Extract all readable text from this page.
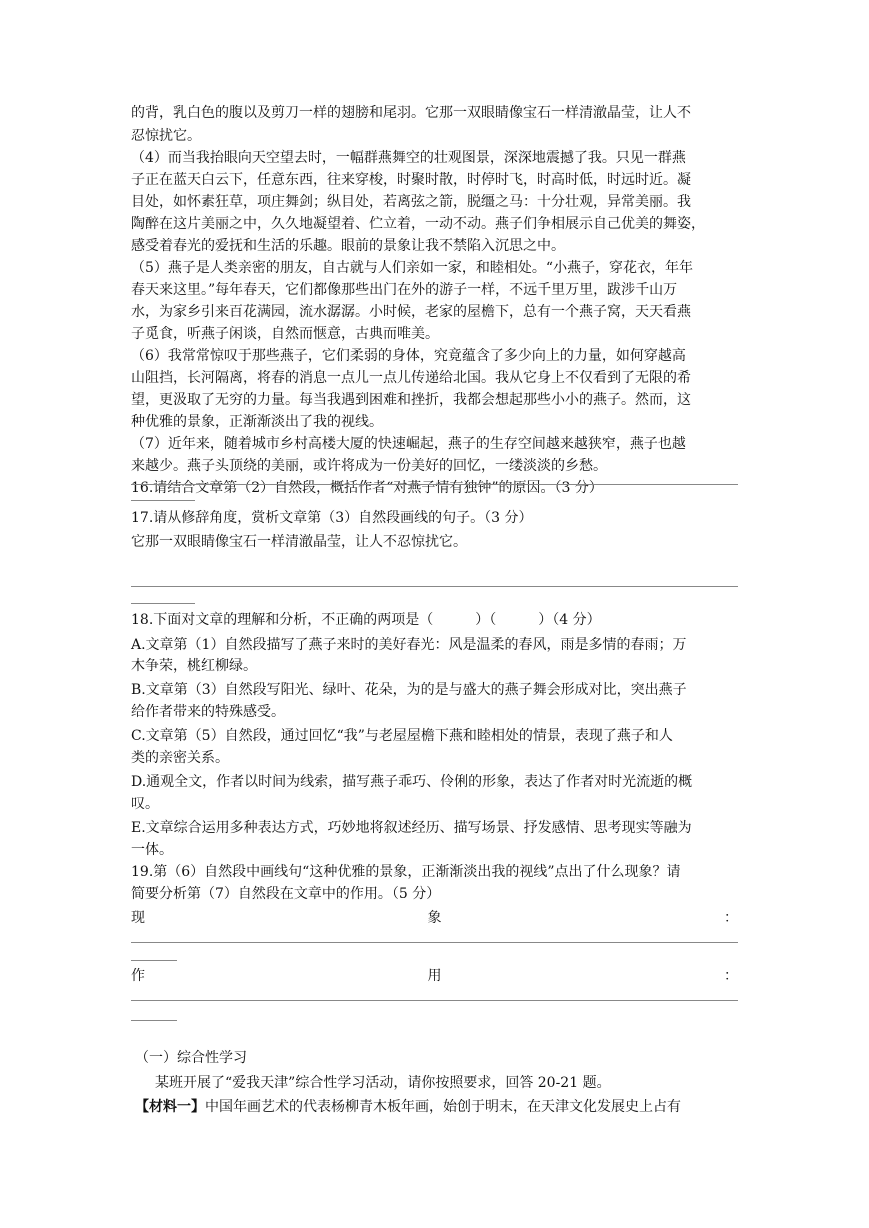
的背，乳白色的腹以及剪刀一样的翅膀和尾羽。它那一双眼睛像宝石一样清澈晶莹，让人不
忍惊扰它。
（4）而当我抬眼向天空望去时，一幅群燕舞空的壮观图景，深深地震撼了我。只见一群燕
子正在蓝天白云下，任意东西，往来穿梭，时聚时散，时停时飞，时高时低，时远时近。凝
目处，如怀素狂草，项庄舞剑；纵目处，若离弦之箭，脱缰之马：十分壮观，异常美丽。我
陶醉在这片美丽之中，久久地凝望着、伫立着，一动不动。燕子们争相展示自己优美的舞姿，
感受着春光的爱抚和生活的乐趣。眼前的景象让我不禁陷入沉思之中。
（5）燕子是人类亲密的朋友，自古就与人们亲如一家，和睦相处。“小燕子，穿花衣，年年
春天来这里。”每年春天，它们都像那些出门在外的游子一样，不远千里万里，跋涉千山万
水，为家乡引来百花满园，流水潺潺。小时候，老家的屋檐下，总有一个燕子窝，天天看燕
子觅食，听燕子闲谈，自然而惬意，古典而唯美。
（6）我常常惊叹于那些燕子，它们柔弱的身体，究竟蕴含了多少向上的力量，如何穿越高
山阻挡，长河隔离，将春的消息一点儿一点儿传递给北国。我从它身上不仅看到了无限的希
望，更汲取了无穷的力量。每当我遇到困难和挫折，我都会想起那些小小的燕子。然而，这
种优雅的景象，正渐渐淡出了我的视线。
（7）近年来，随着城市乡村高楼大厦的快速崛起，燕子的生存空间越来越狭窄，燕子也越
来越少。燕子头顶绕的美丽，或许将成为一份美好的回忆，一缕淡淡的乡愁。
16.请结合文章第（2）自然段，概括作者“对燕子情有独钟”的原因。（3 分）
17.请从修辞角度，赏析文章第（3）自然段画线的句子。（3 分）
它那一双眼睛像宝石一样清澈晶莹，让人不忍惊扰它。
18.下面对文章的理解和分析，不正确的两项是（　　　）（　　　）（4 分）
A.文章第（1）自然段描写了燕子来时的美好春光：风是温柔的春风，雨是多情的春雨；万
木争荣，桃红柳绿。
B.文章第（3）自然段写阳光、绿叶、花朵，为的是与盛大的燕子舞会形成对比，突出燕子
给作者带来的特殊感受。
C.文章第（5）自然段，通过回忆“我”与老屋屋檐下燕和睦相处的情景，表现了燕子和人
类的亲密关系。
D.通观全文，作者以时间为线索，描写燕子乖巧、伶俐的形象，表达了作者对时光流逝的概
叹。
E.文章综合运用多种表达方式，巧妙地将叙述经历、描写场景、抒发感情、思考现实等融为
一体。
19.第（6）自然段中画线句“这种优雅的景象，正渐渐淡出我的视线”点出了什么现象？请
简要分析第（7）自然段在文章中的作用。（5 分）
现	象	：
作	用	：
（一）综合性学习
某班开展了“爱我天津”综合性学习活动，请你按照要求，回答 20-21 题。
【材料一】中国年画艺术的代表杨柳青木板年画，始创于明末，在天津文化发展史上占有
